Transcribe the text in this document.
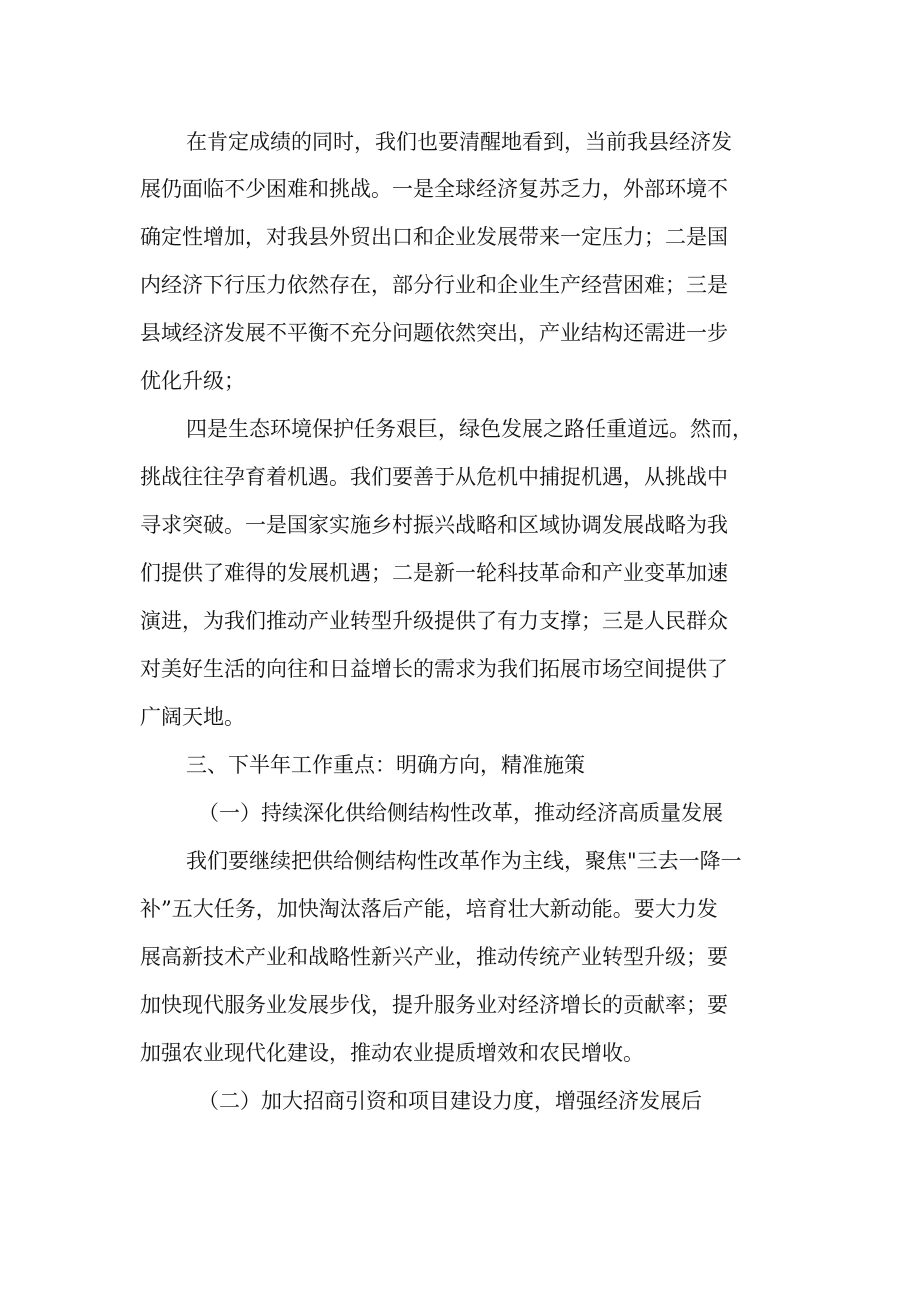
在肯定成绩的同时，我们也要清醒地看到，当前我县经济发
展仍面临不少困难和挑战。一是全球经济复苏乏力，外部环境不
确定性增加，对我县外贸出口和企业发展带来一定压力；二是国
内经济下行压力依然存在，部分行业和企业生产经营困难；三是
县域经济发展不平衡不充分问题依然突出，产业结构还需进一步
优化升级；
四是生态环境保护任务艰巨，绿色发展之路任重道远。然而，
挑战往往孕育着机遇。我们要善于从危机中捕捉机遇，从挑战中
寻求突破。一是国家实施乡村振兴战略和区域协调发展战略为我
们提供了难得的发展机遇；二是新一轮科技革命和产业变革加速
演进，为我们推动产业转型升级提供了有力支撑；三是人民群众
对美好生活的向往和日益增长的需求为我们拓展市场空间提供了
广阔天地。
三、下半年工作重点：明确方向，精准施策
（一）持续深化供给侧结构性改革，推动经济高质量发展
我们要继续把供给侧结构性改革作为主线，聚焦"三去一降一
补”五大任务，加快淘汰落后产能，培育壮大新动能。要大力发
展高新技术产业和战略性新兴产业，推动传统产业转型升级；要
加快现代服务业发展步伐，提升服务业对经济增长的贡献率；要
加强农业现代化建设，推动农业提质增效和农民增收。
（二）加大招商引资和项目建设力度，增强经济发展后
